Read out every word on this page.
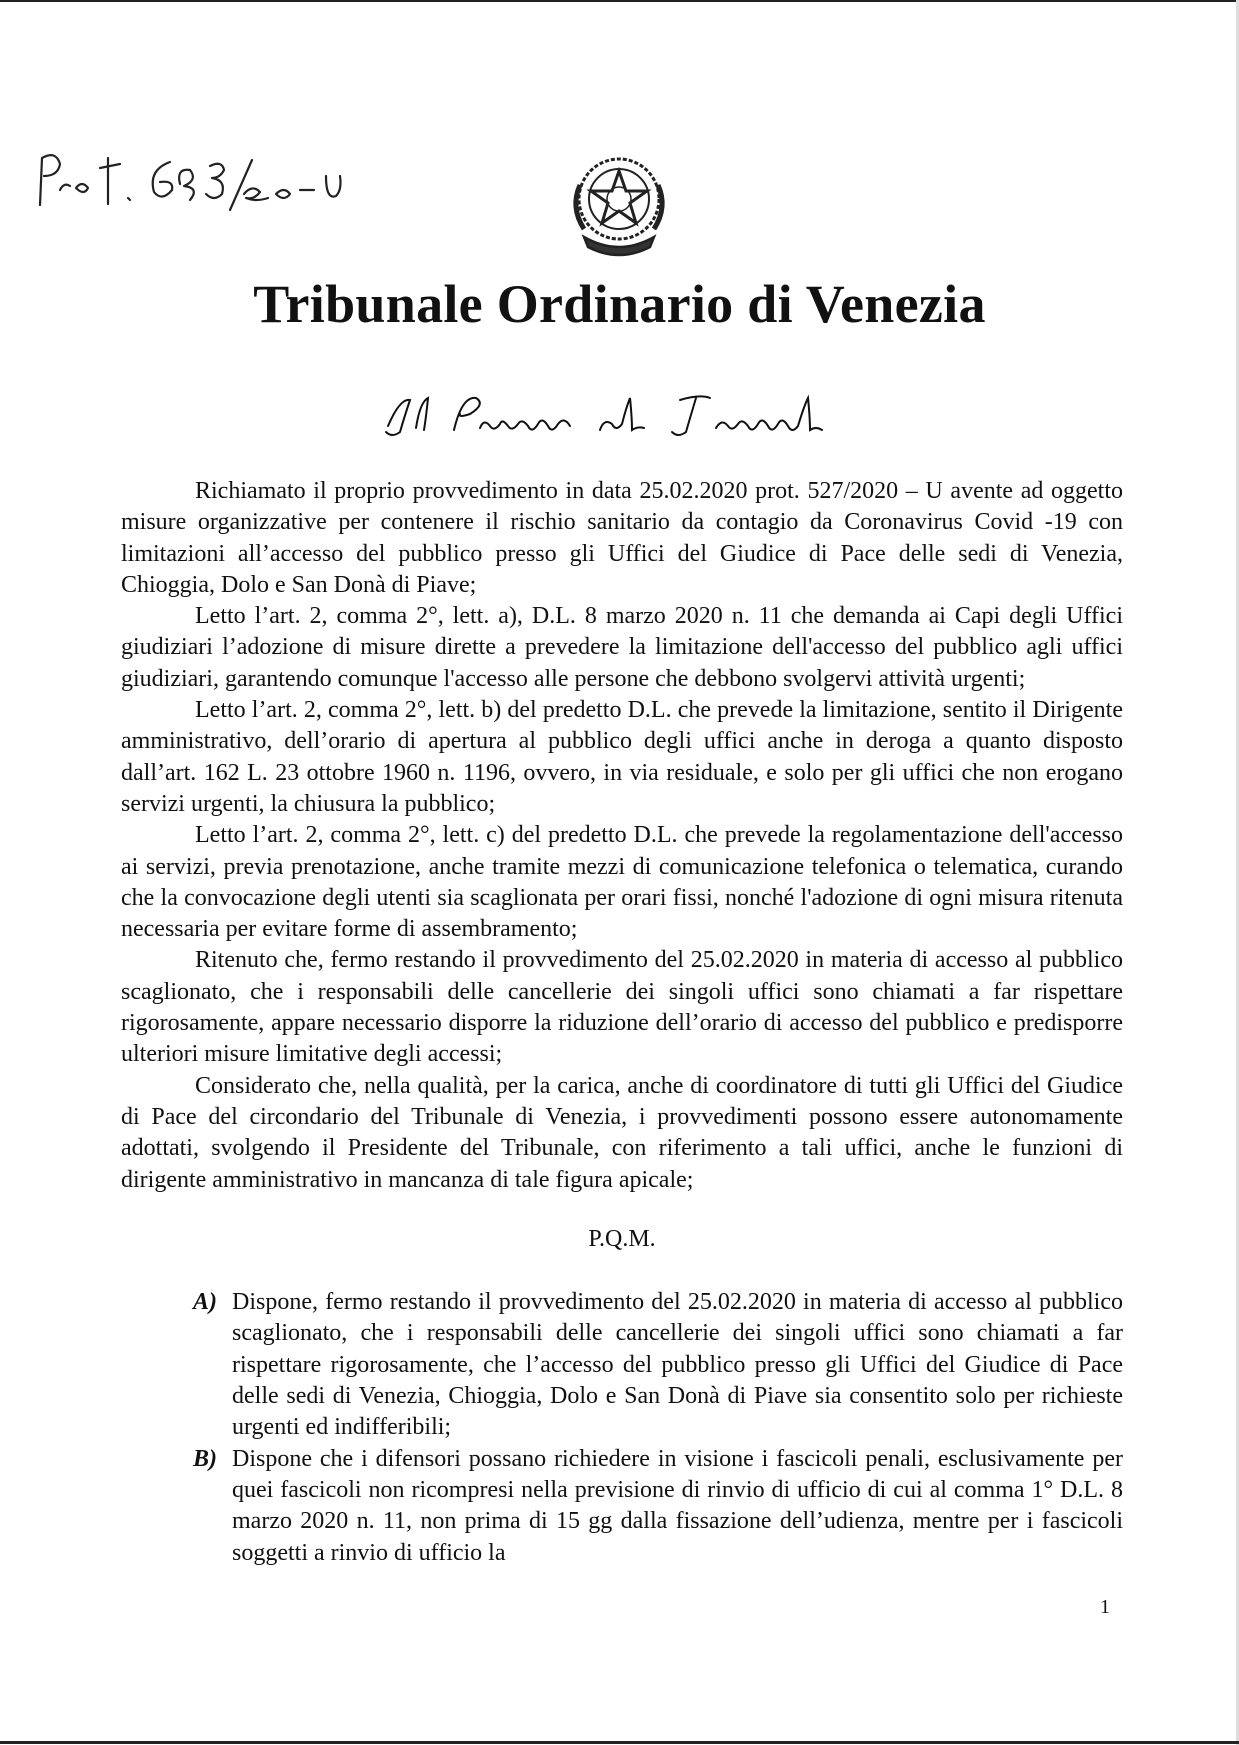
Tribunale Ordinario di Venezia

Richiamato il proprio provvedimento in data 25.02.2020 prot. 527/2020 – U avente ad oggetto misure organizzative per contenere il rischio sanitario da contagio da Coronavirus Covid -19 con limitazioni all’accesso del pubblico presso gli Uffici del Giudice di Pace delle sedi di Venezia, Chioggia, Dolo e San Donà di Piave;

Letto l’art. 2, comma 2°, lett. a), D.L. 8 marzo 2020 n. 11 che demanda ai Capi degli Uffici giudiziari l’adozione di misure dirette a prevedere la limitazione dell'accesso del pubblico agli uffici giudiziari, garantendo comunque l'accesso alle persone che debbono svolgervi attività urgenti;

Letto l’art. 2, comma 2°, lett. b) del predetto D.L. che prevede la limitazione, sentito il Dirigente amministrativo, dell’orario di apertura al pubblico degli uffici anche in deroga a quanto disposto dall’art. 162 L. 23 ottobre 1960 n. 1196, ovvero, in via residuale, e solo per gli uffici che non erogano servizi urgenti, la chiusura la pubblico;

Letto l’art. 2, comma 2°, lett. c) del predetto D.L. che prevede la regolamentazione dell'accesso ai servizi, previa prenotazione, anche tramite mezzi di comunicazione telefonica o telematica, curando che la convocazione degli utenti sia scaglionata per orari fissi, nonché l'adozione di ogni misura ritenuta necessaria per evitare forme di assembramento;

Ritenuto che, fermo restando il provvedimento del 25.02.2020 in materia di accesso al pubblico scaglionato, che i responsabili delle cancellerie dei singoli uffici sono chiamati a far rispettare rigorosamente, appare necessario disporre la riduzione dell’orario di accesso del pubblico e predisporre ulteriori misure limitative degli accessi;

Considerato che, nella qualità, per la carica, anche di coordinatore di tutti gli Uffici del Giudice di Pace del circondario del Tribunale di Venezia, i provvedimenti possono essere autonomamente adottati, svolgendo il Presidente del Tribunale, con riferimento a tali uffici, anche le funzioni di dirigente amministrativo in mancanza di tale figura apicale;

P.Q.M.

A) Dispone, fermo restando il provvedimento del 25.02.2020 in materia di accesso al pubblico scaglionato, che i responsabili delle cancellerie dei singoli uffici sono chiamati a far rispettare rigorosamente, che l’accesso del pubblico presso gli Uffici del Giudice di Pace delle sedi di Venezia, Chioggia, Dolo e San Donà di Piave sia consentito solo per richieste urgenti ed indifferibili;
B) Dispone che i difensori possano richiedere in visione i fascicoli penali, esclusivamente per quei fascicoli non ricompresi nella previsione di rinvio di ufficio di cui al comma 1° D.L. 8 marzo 2020 n. 11, non prima di 15 gg dalla fissazione dell’udienza, mentre per i fascicoli soggetti a rinvio di ufficio la
1
